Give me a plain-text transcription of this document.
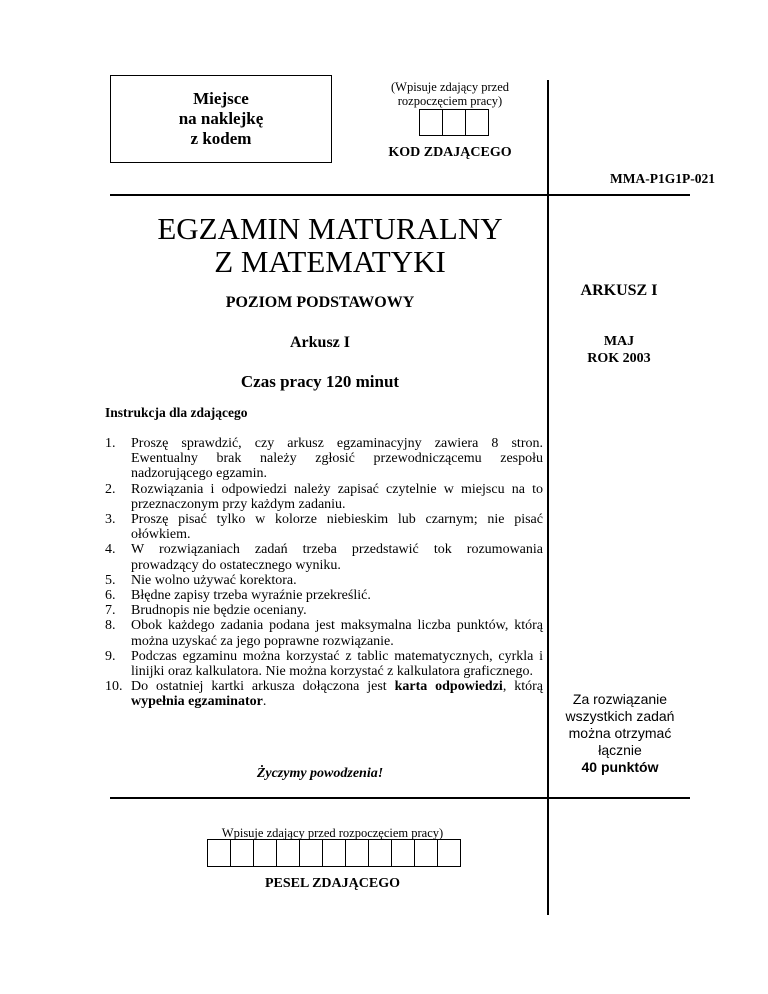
Miejsce
na naklejkę
z kodem
(Wpisuje zdający przed rozpoczęciem pracy)
KOD ZDAJĄCEGO
MMA-P1G1P-021
EGZAMIN MATURALNY
Z MATEMATYKI
POZIOM PODSTAWOWY
Arkusz I
Czas pracy 120 minut
ARKUSZ I
MAJ
ROK 2003
Instrukcja dla zdającego
1. Proszę sprawdzić, czy arkusz egzaminacyjny zawiera 8 stron. Ewentualny brak należy zgłosić przewodniczącemu zespołu nadzorującego egzamin.
2. Rozwiązania i odpowiedzi należy zapisać czytelnie w miejscu na to przeznaczonym przy każdym zadaniu.
3. Proszę pisać tylko w kolorze niebieskim lub czarnym; nie pisać ołówkiem.
4. W rozwiązaniach zadań trzeba przedstawić tok rozumowania prowadzący do ostatecznego wyniku.
5. Nie wolno używać korektora.
6. Błędne zapisy trzeba wyraźnie przekreślić.
7. Brudnopis nie będzie oceniany.
8. Obok każdego zadania podana jest maksymalna liczba punktów, którą można uzyskać za jego poprawne rozwiązanie.
9. Podczas egzaminu można korzystać z tablic matematycznych, cyrkla i linijki oraz kalkulatora. Nie można korzystać z kalkulatora graficznego.
10. Do ostatniej kartki arkusza dołączona jest karta odpowiedzi, którą wypełnia egzaminator.	Za rozwiązanie
wszystkich zadań
można otrzymać
łącznie
40 punktów
Życzymy powodzenia!
Wpisuje zdający przed rozpoczęciem pracy)
PESEL ZDAJĄCEGO
